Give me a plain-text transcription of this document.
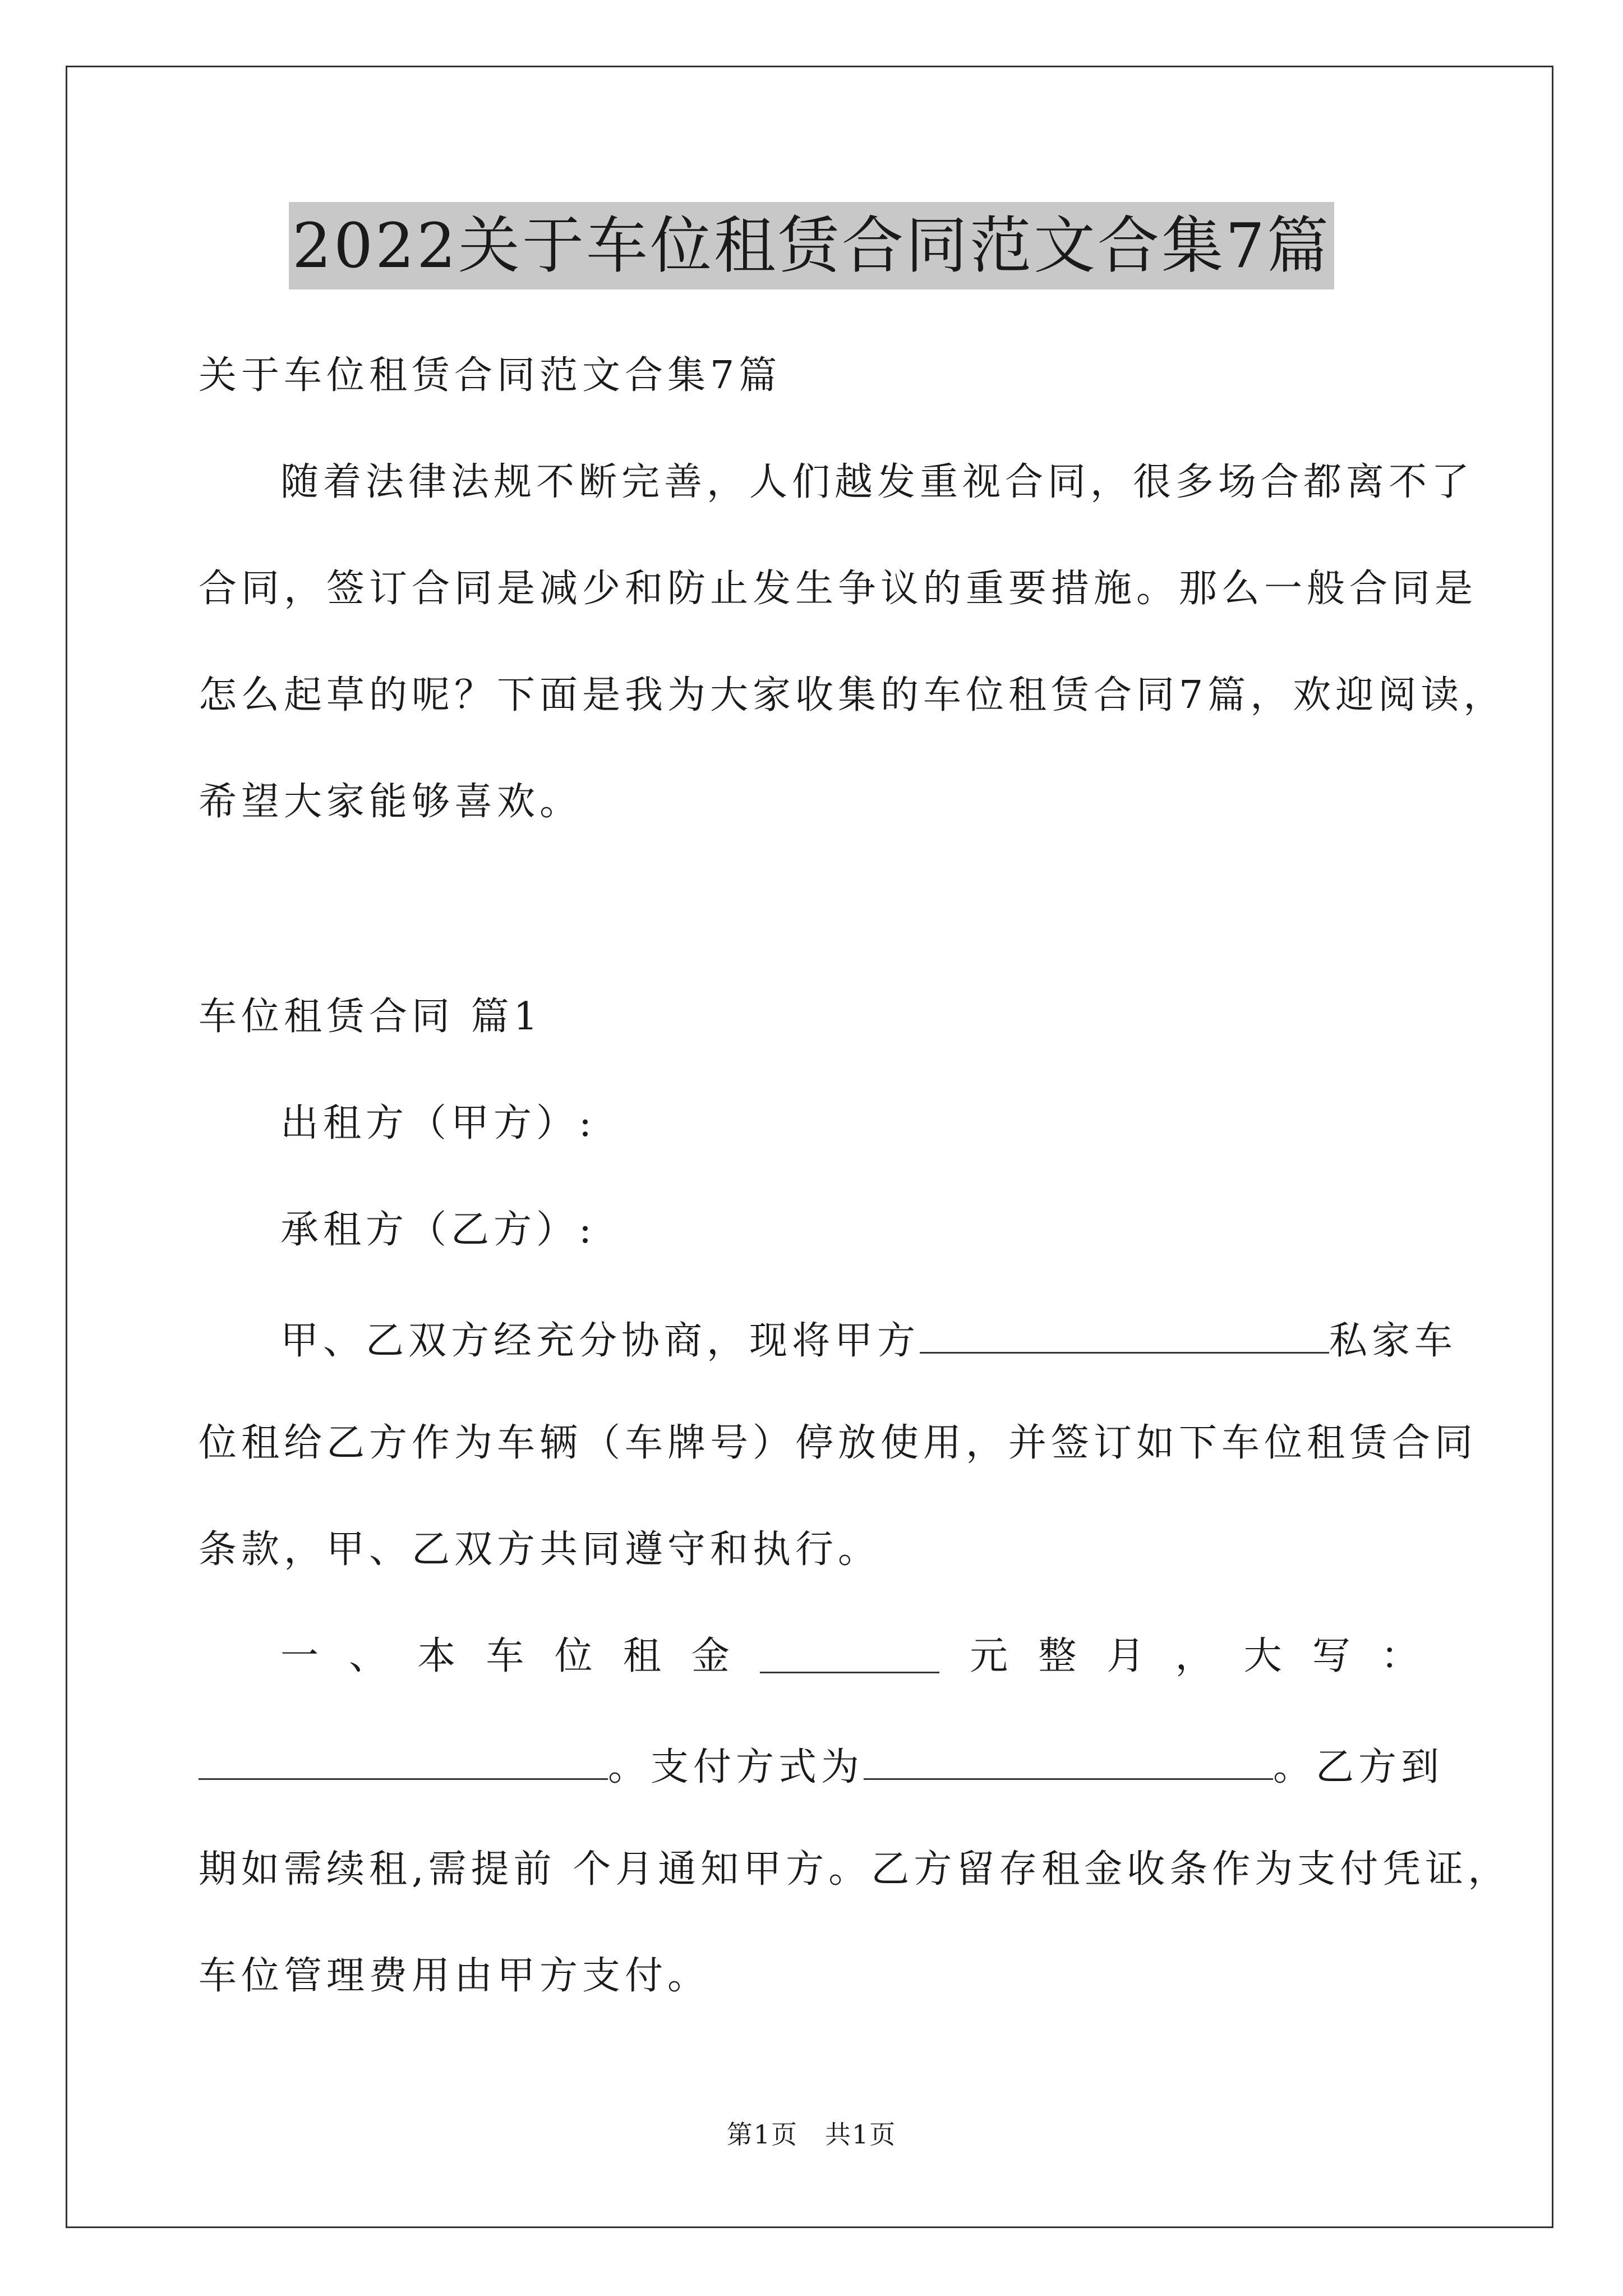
2022关于车位租赁合同范文合集7篇
关于车位租赁合同范文合集7篇
随着法律法规不断完善，人们越发重视合同，很多场合都离不了
合同，签订合同是减少和防止发生争议的重要措施。那么一般合同是
怎么起草的呢？下面是我为大家收集的车位租赁合同7篇，欢迎阅读，
希望大家能够喜欢。
车位租赁合同 篇1
出租方（甲方）:
承租方（乙方）:
甲、乙双方经充分协商，现将甲方	私家车
位租给乙方作为车辆（车牌号）停放使用，并签订如下车位租赁合同
条款，甲、乙双方共同遵守和执行。
一 、 本 车 位 租 金	元 整 月 ， 大 写 ：
。支付方式为	。乙方到
期如需续租,需提前 个月通知甲方。乙方留存租金收条作为支付凭证，
车位管理费用由甲方支付。
第1页　共1页
